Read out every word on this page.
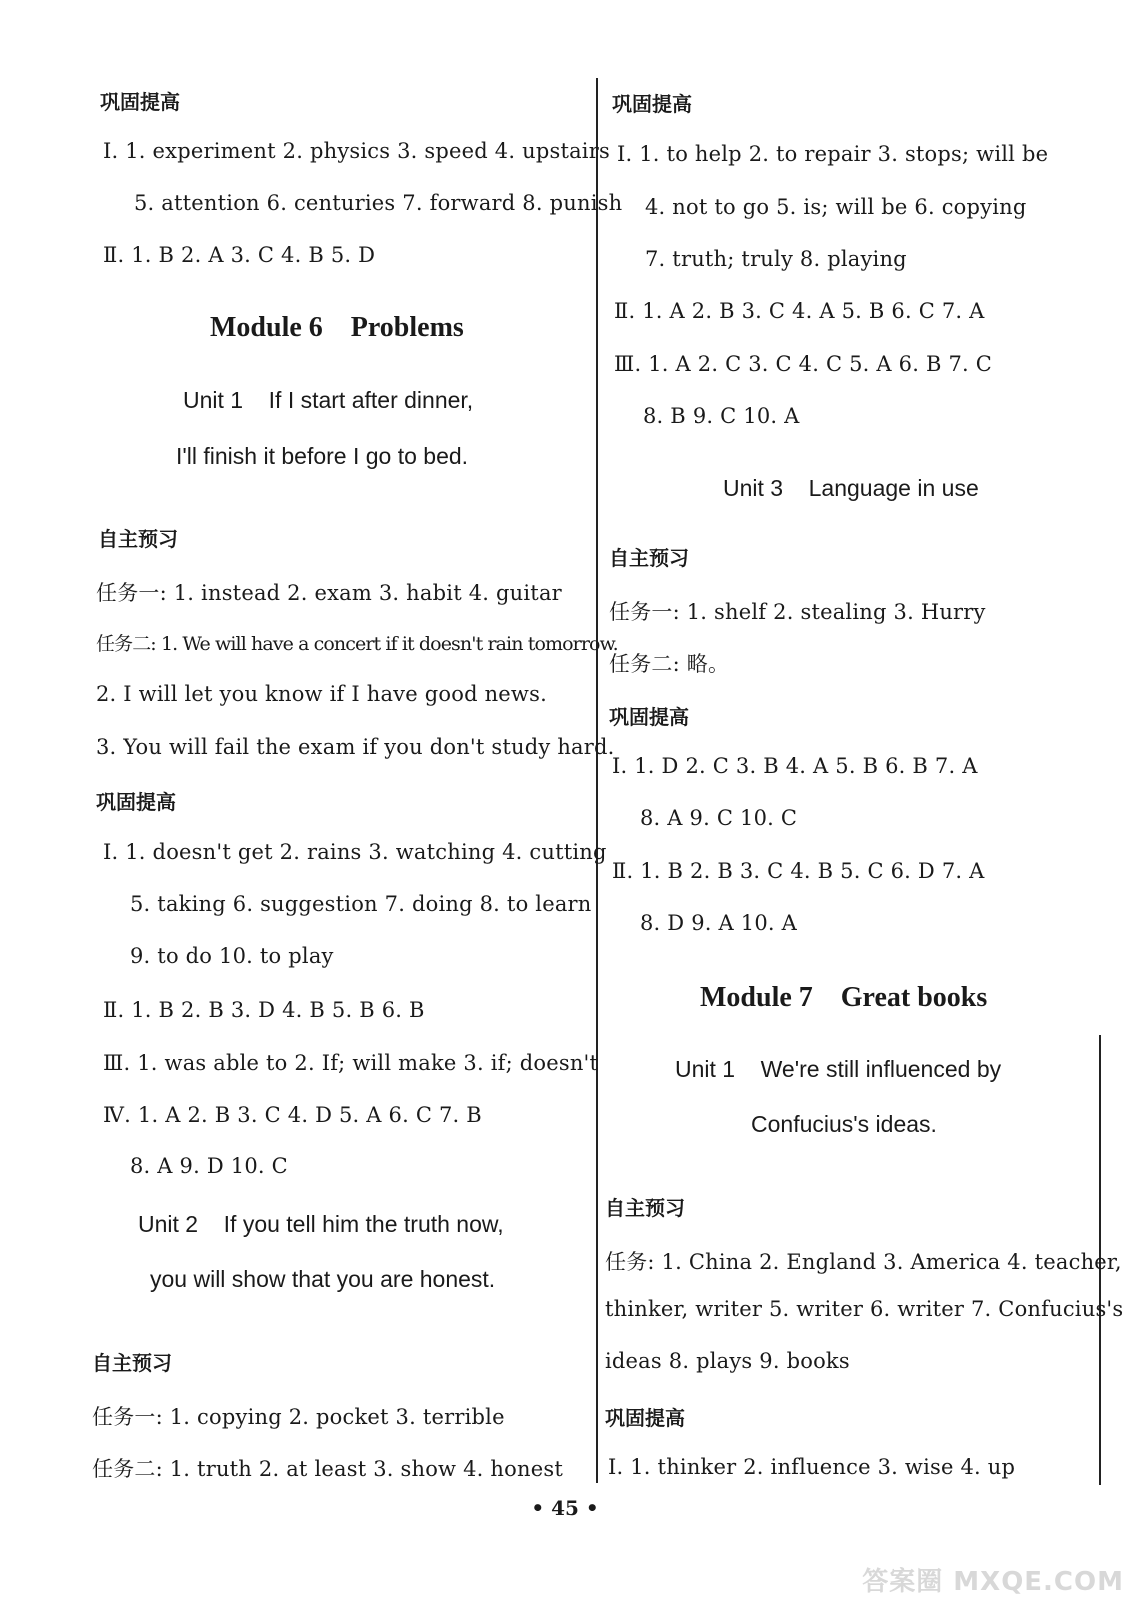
巩固提高
Ⅰ. 1. experiment 2. physics 3. speed 4. upstairs
5. attention 6. centuries 7. forward 8. punish
Ⅱ. 1. B 2. A 3. C 4. B 5. D
Module 6    Problems
Unit 1    If I start after dinner,
I'll finish it before I go to bed.
自主预习
任务一: 1. instead 2. exam 3. habit 4. guitar
任务二: 1. We will have a concert if it doesn't rain tomorrow.
2. I will let you know if I have good news.
3. You will fail the exam if you don't study hard.
巩固提高
Ⅰ. 1. doesn't get 2. rains 3. watching 4. cutting
5. taking 6. suggestion 7. doing 8. to learn
9. to do 10. to play
Ⅱ. 1. B 2. B 3. D 4. B 5. B 6. B
Ⅲ. 1. was able to 2. If; will make 3. if; doesn't
Ⅳ. 1. A 2. B 3. C 4. D 5. A 6. C 7. B
8. A 9. D 10. C
Unit 2    If you tell him the truth now,
you will show that you are honest.
自主预习
任务一: 1. copying 2. pocket 3. terrible
任务二: 1. truth 2. at least 3. show 4. honest
巩固提高
Ⅰ. 1. to help 2. to repair 3. stops; will be
4. not to go 5. is; will be 6. copying
7. truth; truly 8. playing
Ⅱ. 1. A 2. B 3. C 4. A 5. B 6. C 7. A
Ⅲ. 1. A 2. C 3. C 4. C 5. A 6. B 7. C
8. B 9. C 10. A
Unit 3    Language in use
自主预习
任务一: 1. shelf 2. stealing 3. Hurry
任务二: 略。
巩固提高
Ⅰ. 1. D 2. C 3. B 4. A 5. B 6. B 7. A
8. A 9. C 10. C
Ⅱ. 1. B 2. B 3. C 4. B 5. C 6. D 7. A
8. D 9. A 10. A
Module 7    Great books
Unit 1    We're still influenced by
Confucius's ideas.
自主预习
任务: 1. China 2. England 3. America 4. teacher,
thinker, writer 5. writer 6. writer 7. Confucius's
ideas 8. plays 9. books
巩固提高
Ⅰ. 1. thinker 2. influence 3. wise 4. up
• 45 •
答案圈 MXQE.COM
